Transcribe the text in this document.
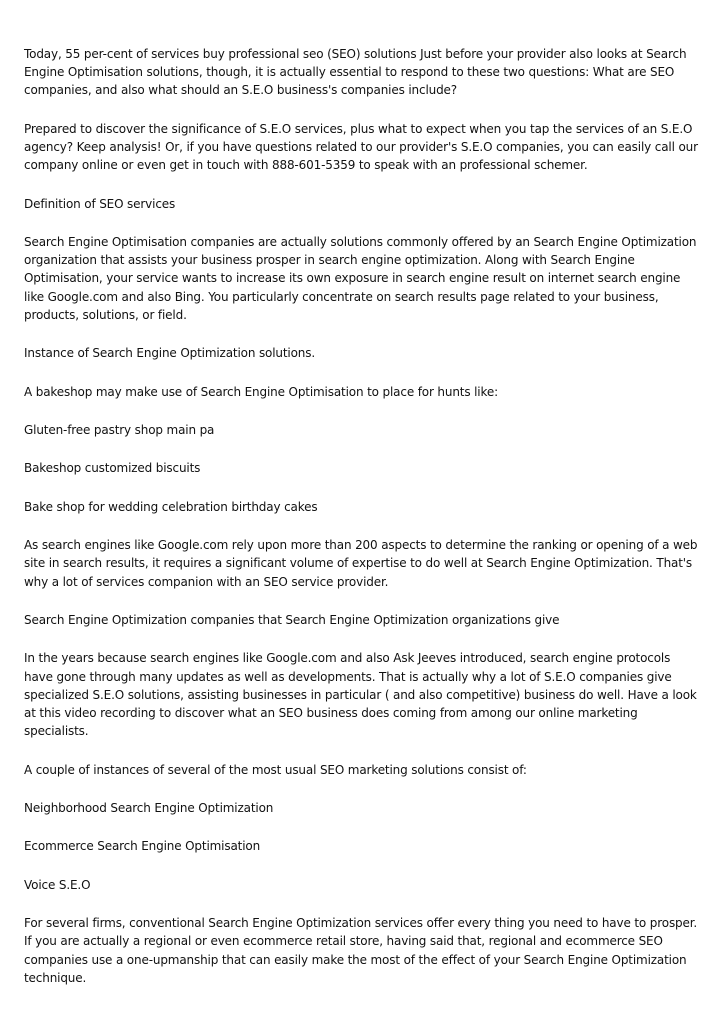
Today, 55 per-cent of services buy professional seo (SEO) solutions Just before your provider also looks at Search Engine Optimisation solutions, though, it is actually essential to respond to these two questions: What are SEO companies, and also what should an S.E.O business's companies include?

Prepared to discover the significance of S.E.O services, plus what to expect when you tap the services of an S.E.O agency? Keep analysis! Or, if you have questions related to our provider's S.E.O companies, you can easily call our company online or even get in touch with 888-601-5359 to speak with an professional schemer.

Definition of SEO services

Search Engine Optimisation companies are actually solutions commonly offered by an Search Engine Optimization organization that assists your business prosper in search engine optimization. Along with Search Engine Optimisation, your service wants to increase its own exposure in search engine result on internet search engine like Google.com and also Bing. You particularly concentrate on search results page related to your business, products, solutions, or field.

Instance of Search Engine Optimization solutions.

A bakeshop may make use of Search Engine Optimisation to place for hunts like:

Gluten-free pastry shop main pa

Bakeshop customized biscuits

Bake shop for wedding celebration birthday cakes

As search engines like Google.com rely upon more than 200 aspects to determine the ranking or opening of a web site in search results, it requires a significant volume of expertise to do well at Search Engine Optimization. That's why a lot of services companion with an SEO service provider.

Search Engine Optimization companies that Search Engine Optimization organizations give

In the years because search engines like Google.com and also Ask Jeeves introduced, search engine protocols have gone through many updates as well as developments. That is actually why a lot of S.E.O companies give specialized S.E.O solutions, assisting businesses in particular ( and also competitive) business do well. Have a look at this video recording to discover what an SEO business does coming from among our online marketing specialists.

A couple of instances of several of the most usual SEO marketing solutions consist of:

Neighborhood Search Engine Optimization

Ecommerce Search Engine Optimisation

Voice S.E.O

For several firms, conventional Search Engine Optimization services offer every thing you need to have to prosper. If you are actually a regional or even ecommerce retail store, having said that, regional and ecommerce SEO companies use a one-upmanship that can easily make the most of the effect of your Search Engine Optimization technique.
